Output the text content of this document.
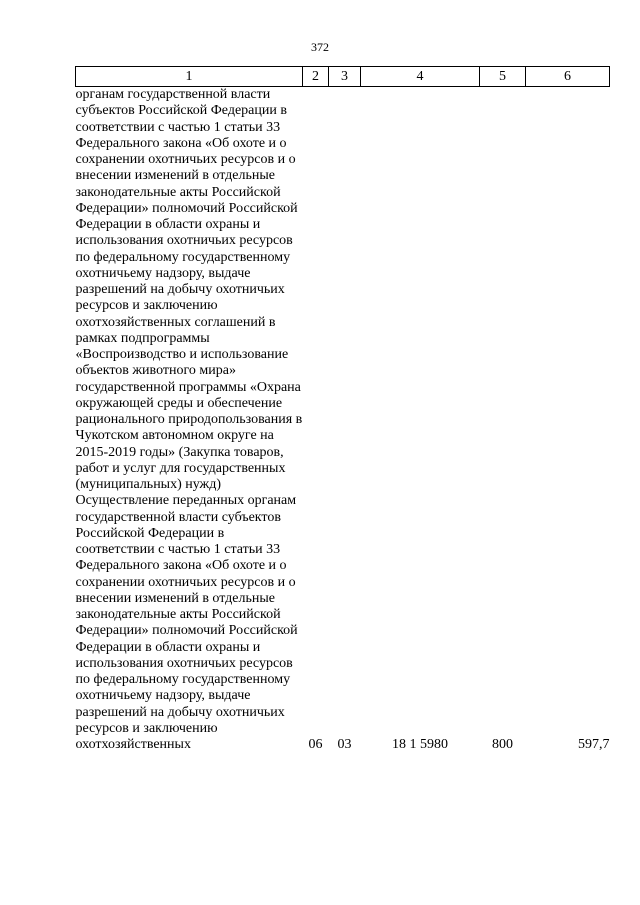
372
1	2	3	4	5	6

органам государственной власти субъектов Российской Федерации в соответствии с частью 1 статьи 33 Федерального закона «Об охоте и о сохранении охотничьих ресурсов и о внесении изменений в отдельные законодательные акты Российской Федерации» полномочий Российской Федерации в области охраны и использования охотничьих ресурсов по федеральному государственному охотничьему надзору, выдаче разрешений на добычу охотничьих ресурсов и заключению охотхозяйственных соглашений в рамках подпрограммы «Воспроизводство и использование объектов животного мира» государственной программы «Охрана окружающей среды и обеспечение рационального природопользования в Чукотском автономном округе на 2015-2019 годы» (Закупка товаров, работ и услуг для государственных (муниципальных) нужд)
Осуществление переданных органам государственной власти субъектов Российской Федерации в соответствии с частью 1 статьи 33 Федерального закона «Об охоте и о сохранении охотничьих ресурсов и о внесении изменений в отдельные законодательные акты Российской Федерации» полномочий Российской Федерации в области охраны и использования охотничьих ресурсов по федеральному государственному охотничьему надзору, выдаче разрешений на добычу охотничьих ресурсов и заключению охотхозяйственных	06	03	18 1 5980	800	597,7
